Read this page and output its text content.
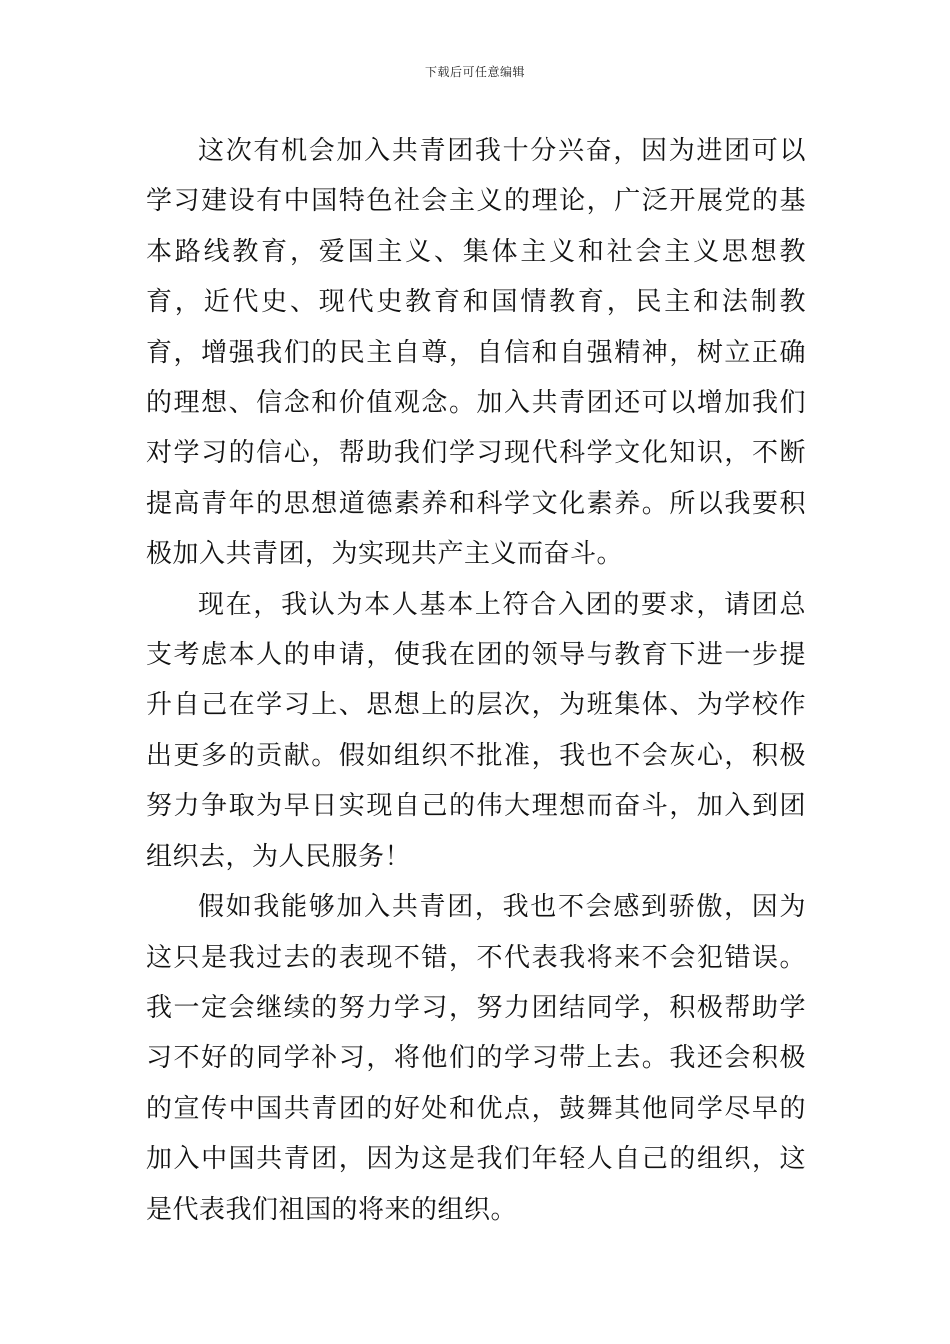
下载后可任意编辑

这次有机会加入共青团我十分兴奋，因为进团可以学习建设有中国特色社会主义的理论，广泛开展党的基本路线教育，爱国主义、集体主义和社会主义思想教育，近代史、现代史教育和国情教育，民主和法制教育，增强我们的民主自尊，自信和自强精神，树立正确的理想、信念和价值观念。加入共青团还可以增加我们对学习的信心，帮助我们学习现代科学文化知识，不断提高青年的思想道德素养和科学文化素养。所以我要积极加入共青团，为实现共产主义而奋斗。

现在，我认为本人基本上符合入团的要求，请团总支考虑本人的申请，使我在团的领导与教育下进一步提升自己在学习上、思想上的层次，为班集体、为学校作出更多的贡献。假如组织不批准，我也不会灰心，积极努力争取为早日实现自己的伟大理想而奋斗，加入到团组织去，为人民服务！

假如我能够加入共青团，我也不会感到骄傲，因为这只是我过去的表现不错，不代表我将来不会犯错误。我一定会继续的努力学习，努力团结同学，积极帮助学习不好的同学补习，将他们的学习带上去。我还会积极的宣传中国共青团的好处和优点，鼓舞其他同学尽早的加入中国共青团，因为这是我们年轻人自己的组织，这是代表我们祖国的将来的组织。
